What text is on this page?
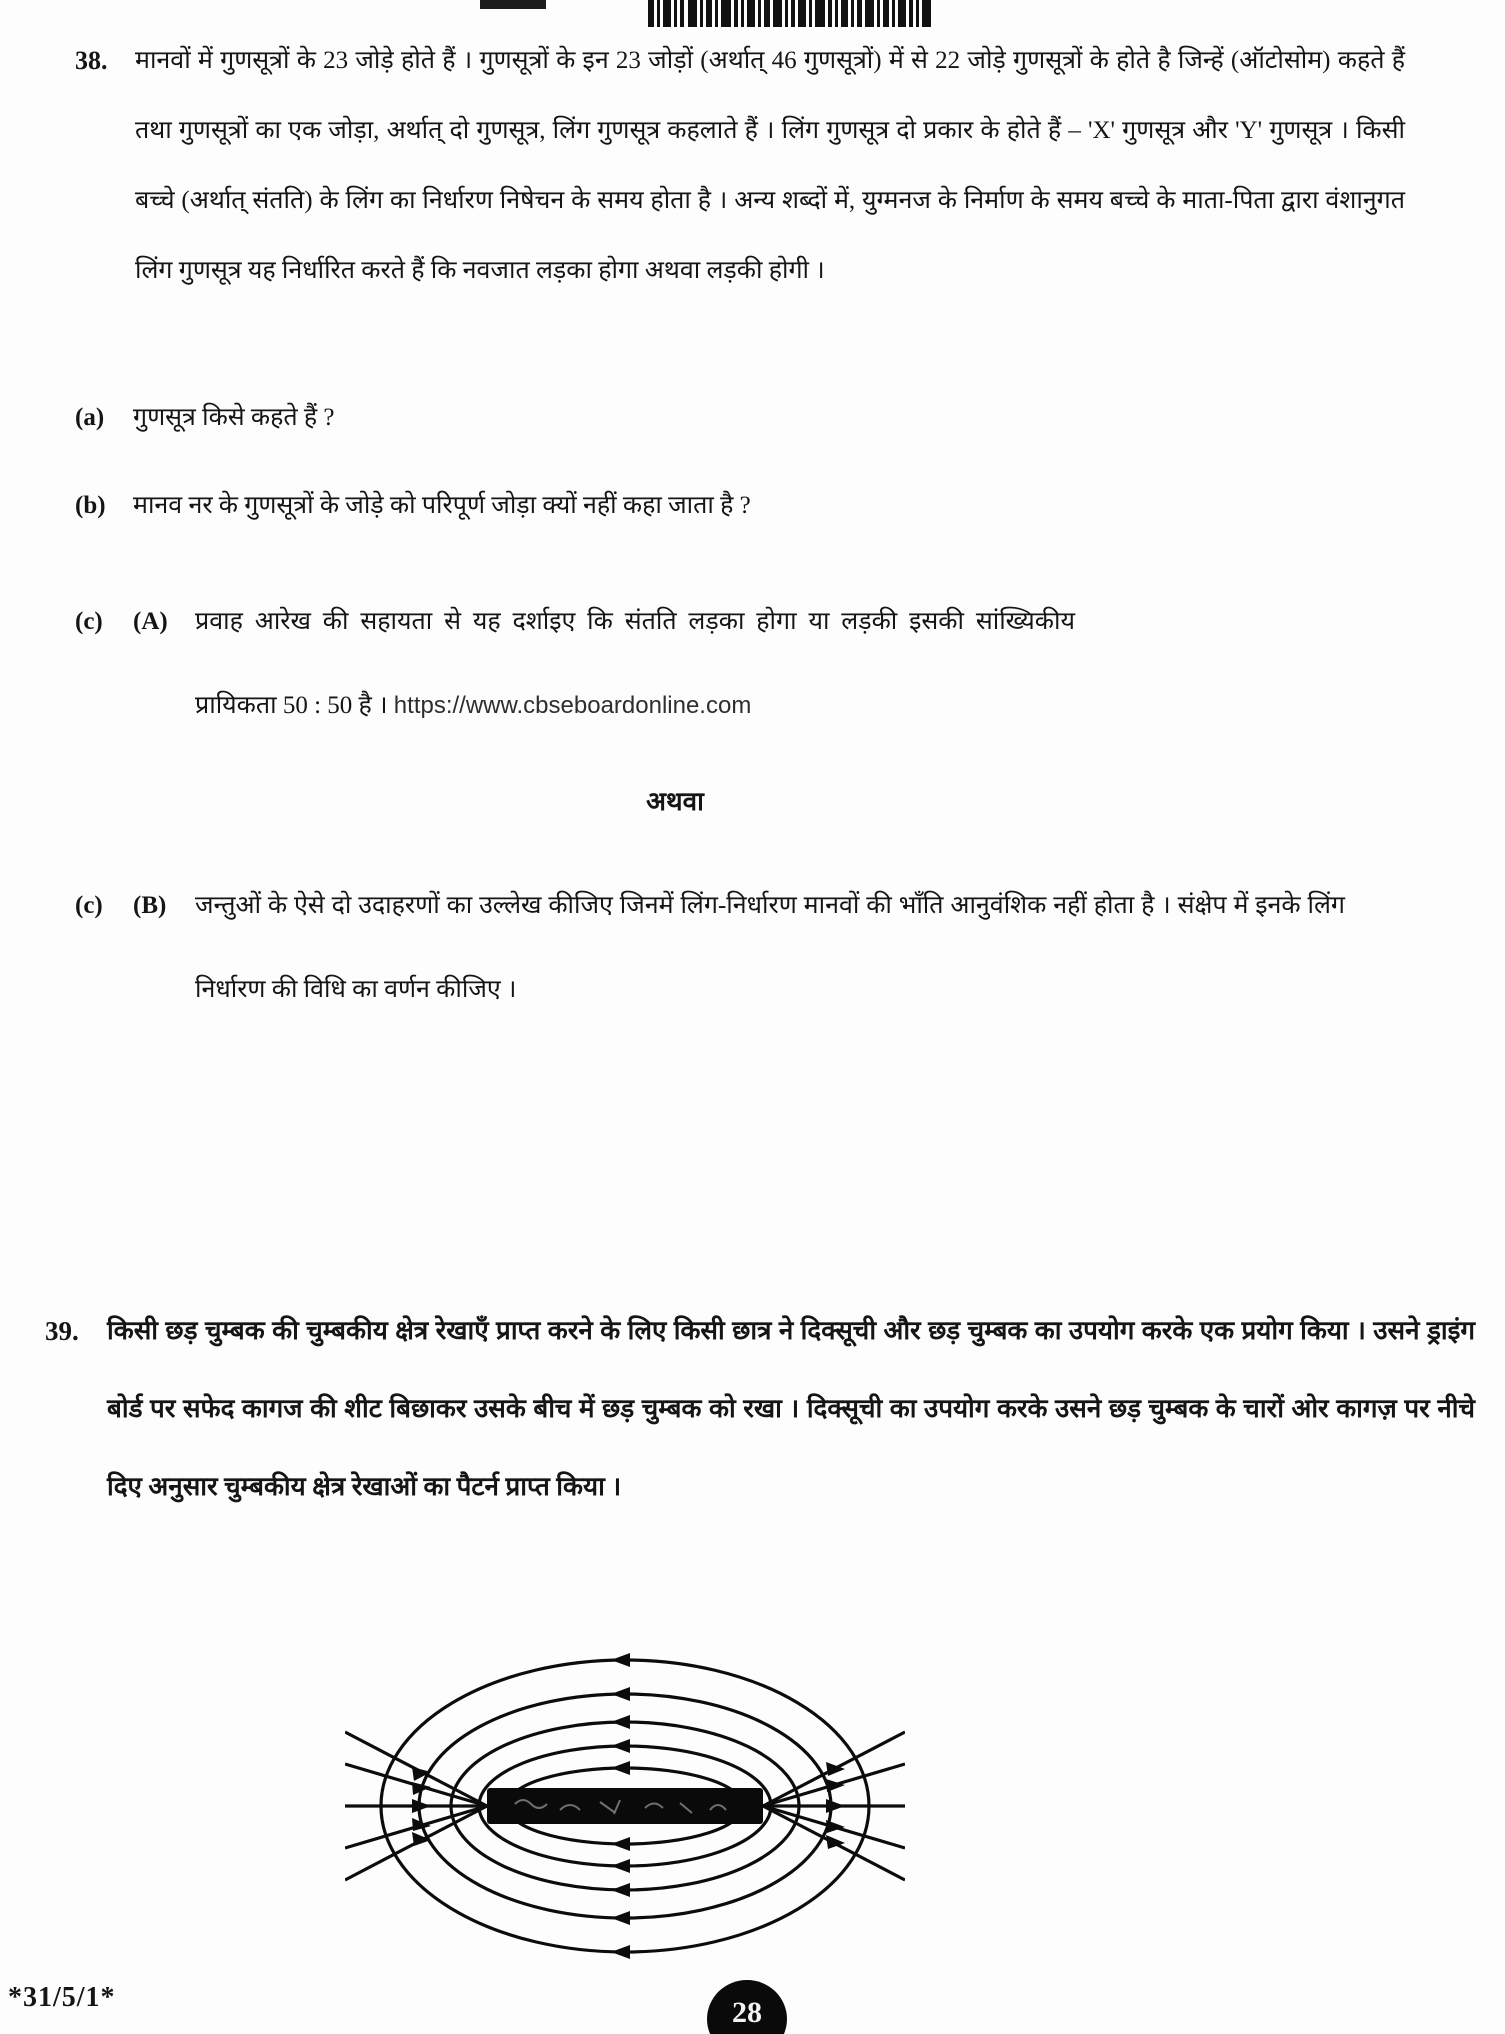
38.	मानवों में गुणसूत्रों के 23 जोड़े होते हैं । गुणसूत्रों के इन 23 जोड़ों (अर्थात् 46 गुणसूत्रों) में से 22 जोड़े गुणसूत्रों के होते है जिन्हें (ऑटोसोम) कहते हैं तथा गुणसूत्रों का एक जोड़ा, अर्थात् दो गुणसूत्र, लिंग गुणसूत्र कहलाते हैं । लिंग गुणसूत्र दो प्रकार के होते हैं – 'X' गुणसूत्र और 'Y' गुणसूत्र । किसी बच्चे (अर्थात् संतति) के लिंग का निर्धारण निषेचन के समय होता है । अन्य शब्दों में, युग्मनज के निर्माण के समय बच्चे के माता-पिता द्वारा वंशानुगत लिंग गुणसूत्र यह निर्धारित करते हैं कि नवजात लड़का होगा अथवा लड़की होगी ।
(a)	गुणसूत्र किसे कहते हैं ?
(b)	मानव नर के गुणसूत्रों के जोड़े को परिपूर्ण जोड़ा क्यों नहीं कहा जाता है ?
(c)	(A)	प्रवाह आरेख की सहायता से यह दर्शाइए कि संतति लड़का होगा या लड़की इसकी सांख्यिकीय प्रायिकता 50 : 50 है । https://www.cbseboardonline.com
अथवा
(c)	(B)	जन्तुओं के ऐसे दो उदाहरणों का उल्लेख कीजिए जिनमें लिंग-निर्धारण मानवों की भाँति आनुवंशिक नहीं होता है । संक्षेप में इनके लिंग निर्धारण की विधि का वर्णन कीजिए ।
39.	किसी छड़ चुम्बक की चुम्बकीय क्षेत्र रेखाएँ प्राप्त करने के लिए किसी छात्र ने दिक्सूची और छड़ चुम्बक का उपयोग करके एक प्रयोग किया । उसने ड्राइंग बोर्ड पर सफेद कागज की शीट बिछाकर उसके बीच में छड़ चुम्बक को रखा । दिक्सूची का उपयोग करके उसने छड़ चुम्बक के चारों ओर कागज़ पर नीचे दिए अनुसार चुम्बकीय क्षेत्र रेखाओं का पैटर्न प्राप्त किया ।
*31/5/1*	28
